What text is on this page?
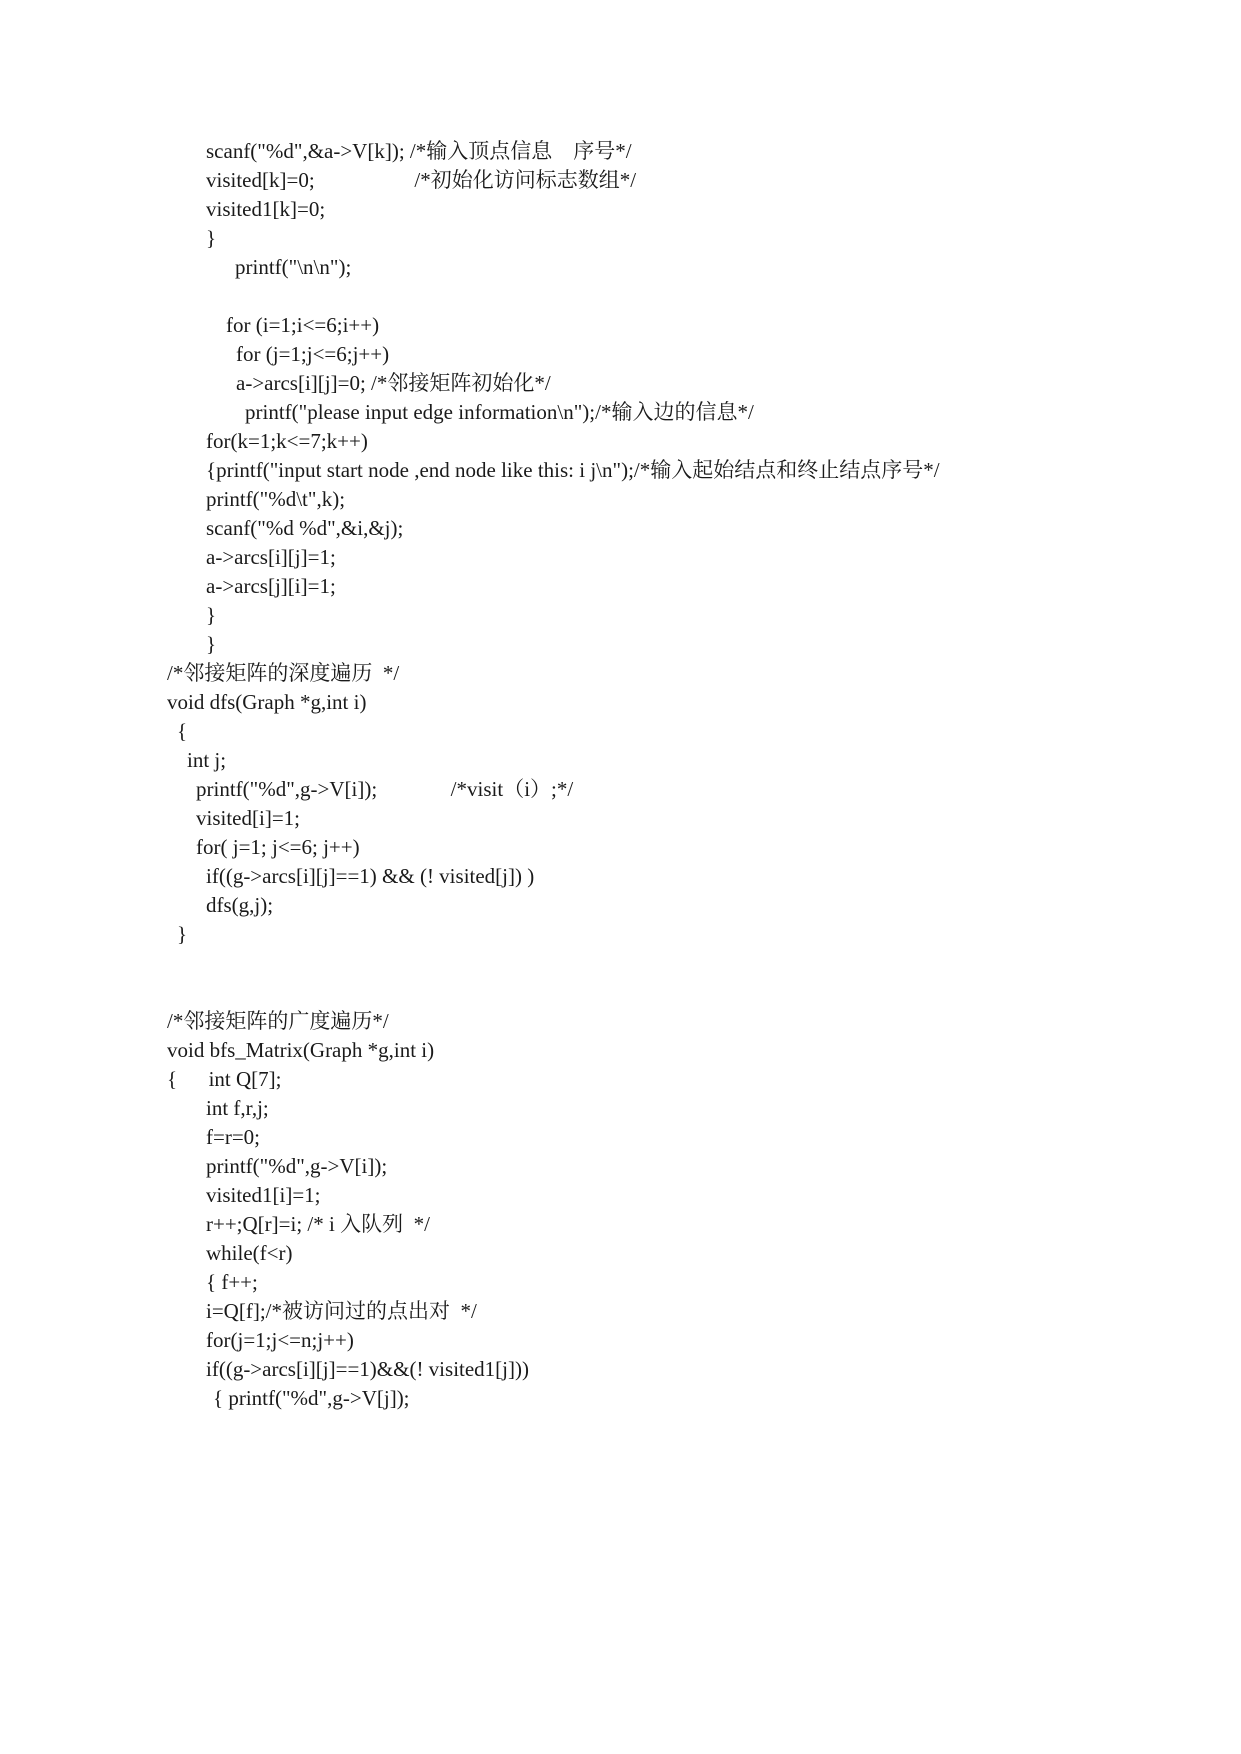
scanf("%d",&a->V[k]); /*输入顶点信息    序号*/

visited[k]=0;                   /*初始化访问标志数组*/

visited1[k]=0;

}

printf("\n\n");

for (i=1;i<=6;i++)

for (j=1;j<=6;j++)

a->arcs[i][j]=0; /*邻接矩阵初始化*/

printf("please input edge information\n");/*输入边的信息*/

for(k=1;k<=7;k++)

{printf("input start node ,end node like this: i j\n");/*输入起始结点和终止结点序号*/

printf("%d\t",k);

scanf("%d %d",&i,&j);

a->arcs[i][j]=1;

a->arcs[j][i]=1;

}

}

/*邻接矩阵的深度遍历  */

void dfs(Graph *g,int i)

{

int j;

printf("%d",g->V[i]);              /*visit（i）;*/

visited[i]=1;

for( j=1; j<=6; j++)

if((g->arcs[i][j]==1) && (! visited[j]) )

dfs(g,j);

}

/*邻接矩阵的广度遍历*/

void bfs_Matrix(Graph *g,int i)

{      int Q[7];

int f,r,j;

f=r=0;

printf("%d",g->V[i]);

visited1[i]=1;

r++;Q[r]=i; /* i 入队列  */

while(f<r)

{ f++;

i=Q[f];/*被访问过的点出对  */

for(j=1;j<=n;j++)

if((g->arcs[i][j]==1)&&(! visited1[j]))

{ printf("%d",g->V[j]);
